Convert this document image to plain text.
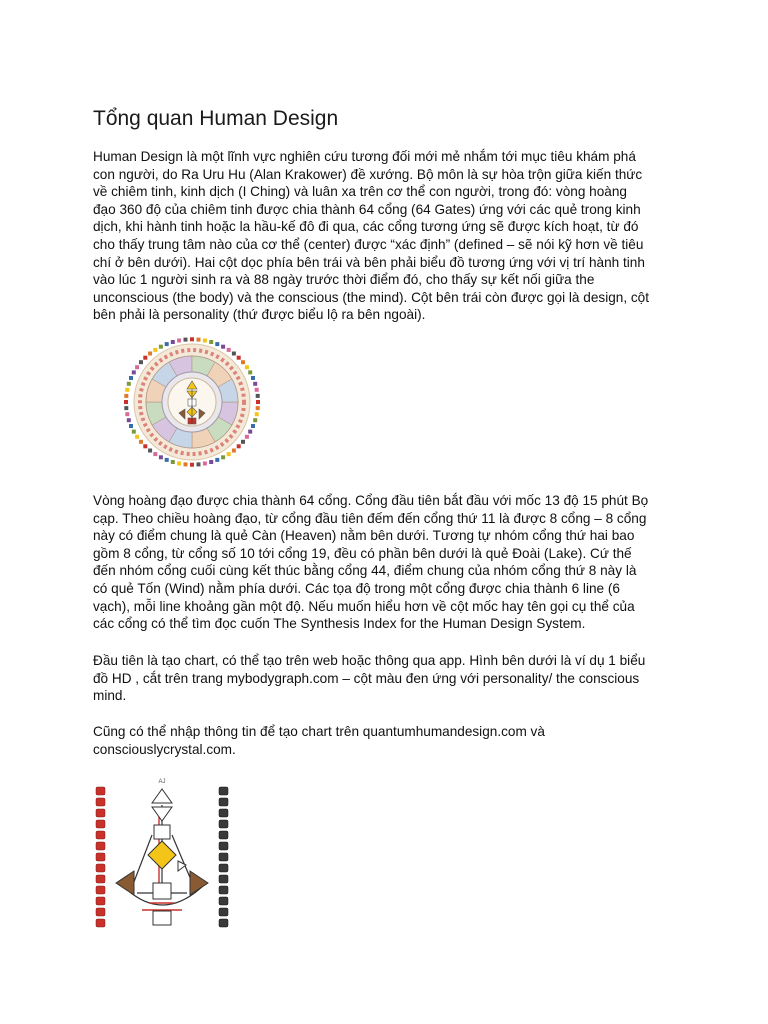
Tổng quan Human Design
Human Design là một lĩnh vực nghiên cứu tương đối mới mẻ nhắm tới mục tiêu khám phá
con người, do Ra Uru Hu (Alan Krakower) đề xướng. Bộ môn là sự hòa trộn giữa kiến thức
về chiêm tinh, kinh dịch (I Ching) và luân xa trên cơ thể con người, trong đó: vòng hoàng
đạo 360 độ của chiêm tinh được chia thành 64 cổng (64 Gates) ứng với các quẻ trong kinh
dịch, khi hành tinh hoặc la hầu-kế đô đi qua, các cổng tương ứng sẽ được kích hoạt, từ đó
cho thấy trung tâm nào của cơ thể (center) được “xác định” (defined – sẽ nói kỹ hơn về tiêu
chí ở bên dưới). Hai cột dọc phía bên trái và bên phải biểu đồ tương ứng với vị trí hành tinh
vào lúc 1 người sinh ra và 88 ngày trước thời điểm đó, cho thấy sự kết nối giữa the
unconscious (the body) và the conscious (the mind). Cột bên trái còn được gọi là design, cột
bên phải là personality (thứ được biểu lộ ra bên ngoài).
Vòng hoàng đạo được chia thành 64 cổng. Cổng đầu tiên bắt đầu với mốc 13 độ 15 phút Bọ
cạp. Theo chiều hoàng đạo, từ cổng đầu tiên đếm đến cổng thứ 11 là được 8 cổng – 8 cổng
này có điểm chung là quẻ Càn (Heaven) nằm bên dưới. Tương tự nhóm cổng thứ hai bao
gồm 8 cổng, từ cổng số 10 tới cổng 19, đều có phần bên dưới là quẻ Đoài (Lake). Cứ thế
đến nhóm cổng cuối cùng kết thúc bằng cổng 44, điểm chung của nhóm cổng thứ 8 này là
có quẻ Tốn (Wind) nằm phía dưới. Các tọa độ trong một cổng được chia thành 6 line (6
vạch), mỗi line khoảng gần một độ. Nếu muốn hiểu hơn về cột mốc hay tên gọi cụ thể của
các cổng có thể tìm đọc cuốn The Synthesis Index for the Human Design System.
Đầu tiên là tạo chart, có thể tạo trên web hoặc thông qua app. Hình bên dưới là ví dụ 1 biểu
đồ HD , cắt trên trang mybodygraph.com – cột màu đen ứng với personality/ the conscious
mind.
Cũng có thể nhập thông tin để tạo chart trên quantumhumandesign.com và
consciouslycrystal.com.
AJ
